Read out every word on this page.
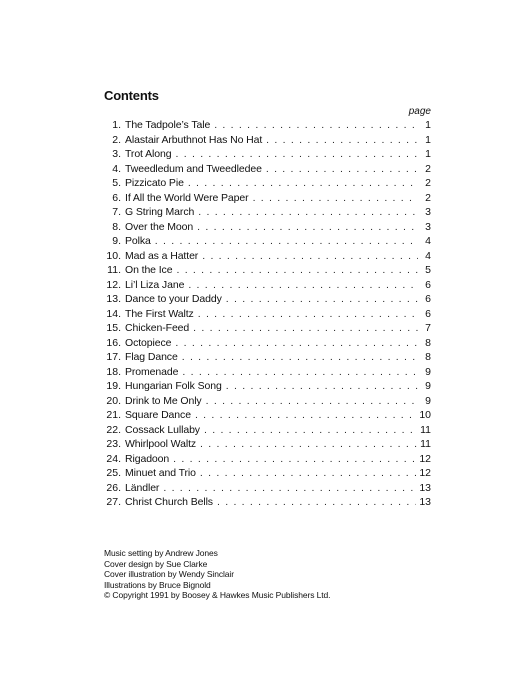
Contents
page
1. The Tadpole’s Tale . . .	1
2. Alastair Arbuthnot Has No Hat . . .	1
3. Trot Along . . .	1
4. Tweedledum and Tweedledee . . .	2
5. Pizzicato Pie . . .	2
6. If All the World Were Paper . . .	2
7. G String March . . .	3
8. Over the Moon . . .	3
9. Polka . . .	4
10. Mad as a Hatter . . .	4
11. On the Ice . . .	5
12. Li’l Liza Jane . . .	6
13. Dance to your Daddy . . .	6
14. The First Waltz . . .	6
15. Chicken-Feed . . .	7
16. Octopiece . . .	8
17. Flag Dance . . .	8
18. Promenade . . .	9
19. Hungarian Folk Song . . .	9
20. Drink to Me Only . . .	9
21. Square Dance . . .	10
22. Cossack Lullaby . . .	11
23. Whirlpool Waltz . . .	11
24. Rigadoon . . .	12
25. Minuet and Trio . . .	12
26. Ländler . . .	13
27. Christ Church Bells . . .	13
Music setting by Andrew Jones
Cover design by Sue Clarke
Cover illustration by Wendy Sinclair
Illustrations by Bruce Bignold
© Copyright 1991 by Boosey & Hawkes Music Publishers Ltd.
